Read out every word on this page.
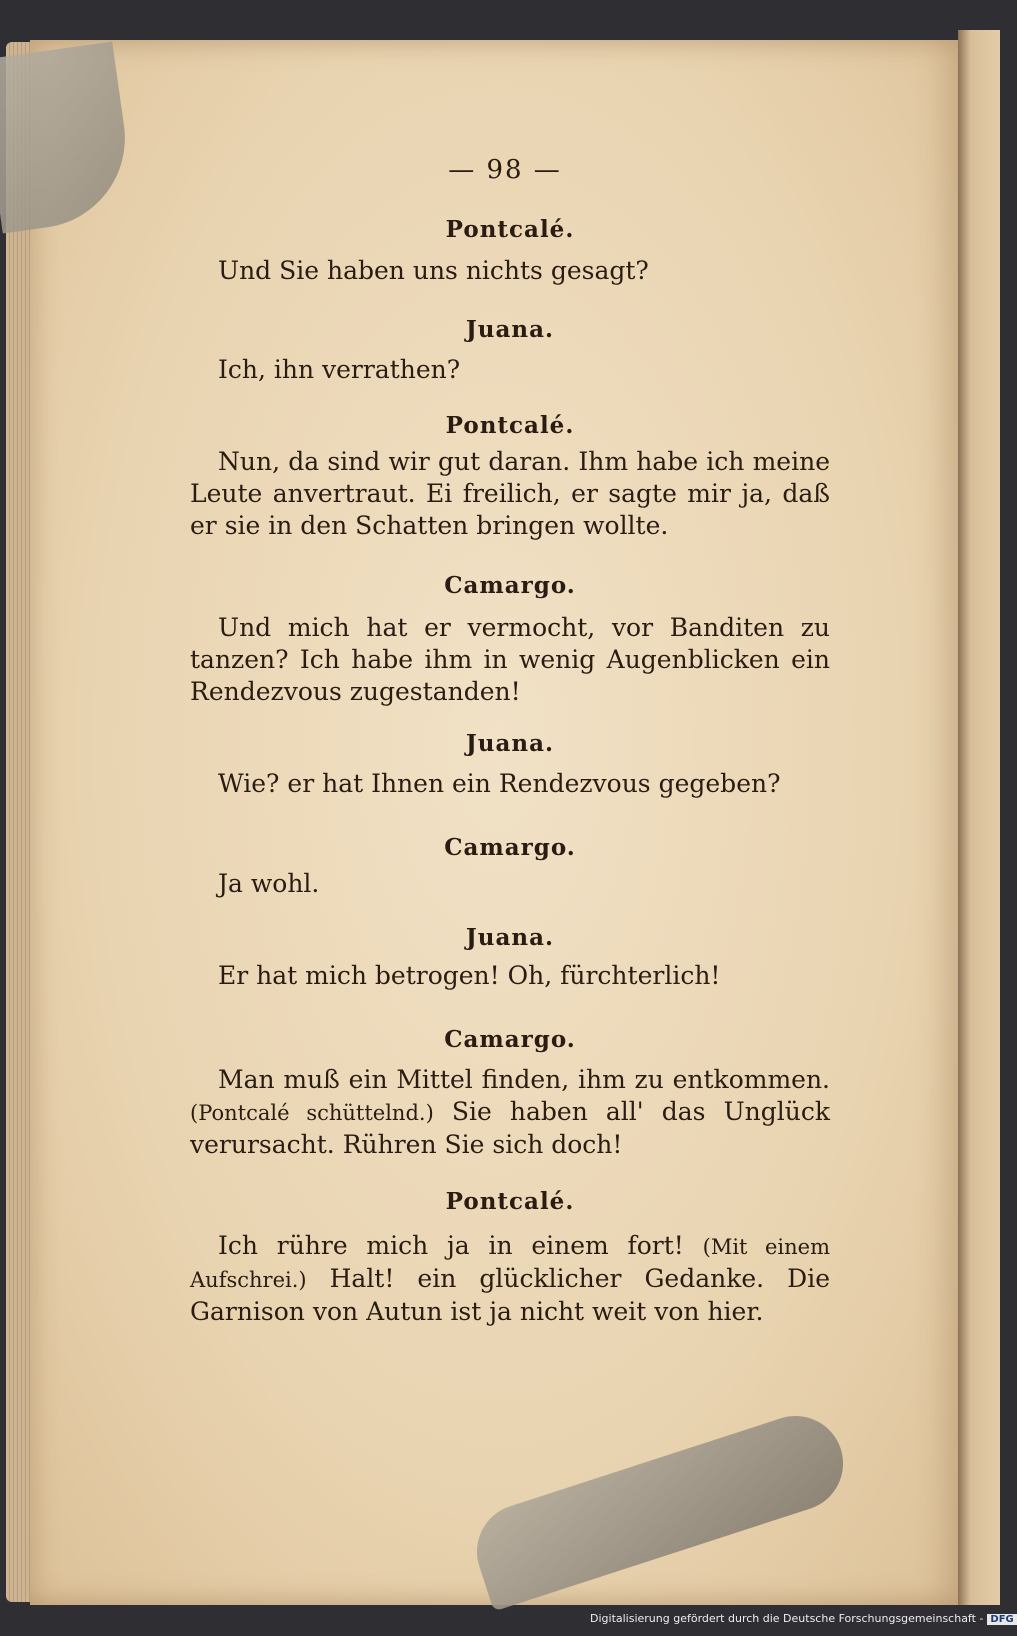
— 98 —
Pontcalé.
Und Sie haben uns nichts gesagt?
Juana.
Ich, ihn verrathen?
Pontcalé.
Nun, da sind wir gut daran. Ihm habe ich meine Leute anvertraut. Ei freilich, er sagte mir ja, daß er sie in den Schatten bringen wollte.
Camargo.
Und mich hat er vermocht, vor Banditen zu tanzen? Ich habe ihm in wenig Augenblicken ein Rendezvous zugestanden!
Juana.
Wie? er hat Ihnen ein Rendezvous gegeben?
Camargo.
Ja wohl.
Juana.
Er hat mich betrogen! Oh, fürchterlich!
Camargo.
Man muß ein Mittel finden, ihm zu entkommen. (Pontcalé schüttelnd.) Sie haben all' das Unglück verursacht. Rühren Sie sich doch!
Pontcalé.
Ich rühre mich ja in einem fort! (Mit einem Aufschrei.) Halt! ein glücklicher Gedanke. Die Garnison von Autun ist ja nicht weit von hier.
Digitalisierung gefördert durch die Deutsche Forschungsgemeinschaft - DFG
